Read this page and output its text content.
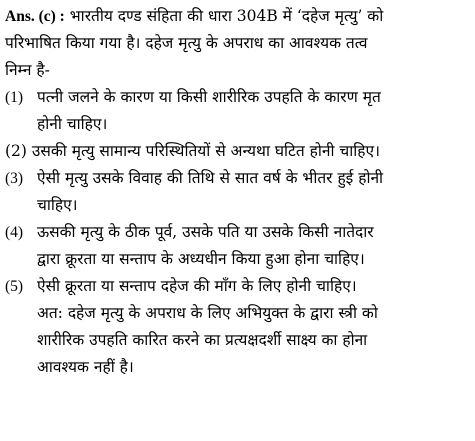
Ans. (c) : भारतीय दण्ड संहिता की धारा 304B में ‘दहेज मृत्यु’ को
परिभाषित किया गया है। दहेज मृत्यु के अपराध का आवश्यक तत्व
निम्न है-
(1) पत्नी जलने के कारण या किसी शारीरिक उपहति के कारण मृत
होनी चाहिए।
(2) उसकी मृत्यु सामान्य परिस्थितियों से अन्यथा घटित होनी चाहिए।
(3) ऐसी मृत्यु उसके विवाह की तिथि से सात वर्ष के भीतर हुई होनी
चाहिए।
(4) ऊसकी मृत्यु के ठीक पूर्व, उसके पति या उसके किसी नातेदार
द्वारा क्रूरता या सन्ताप के अध्यधीन किया हुआ होना चाहिए।
(5) ऐसी क्रूरता या सन्ताप दहेज की माँग के लिए होनी चाहिए।
अत: दहेज मृत्यु के अपराध के लिए अभियुक्त के द्वारा स्त्री को
शारीरिक उपहति कारित करने का प्रत्यक्षदर्शी साक्ष्य का होना
आवश्यक नहीं है।
